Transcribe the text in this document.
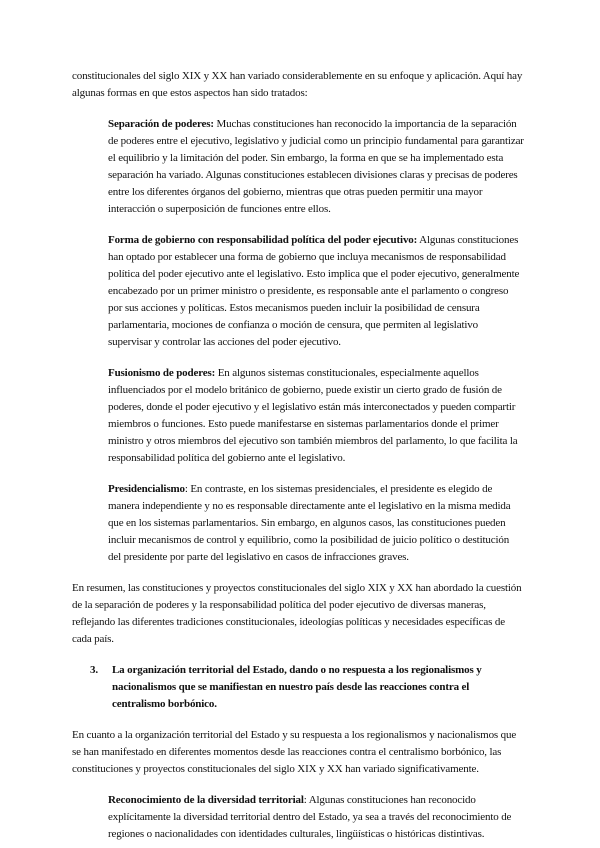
constitucionales del siglo XIX y XX han variado considerablemente en su enfoque y aplicación. Aquí hay algunas formas en que estos aspectos han sido tratados:

Separación de poderes: Muchas constituciones han reconocido la importancia de la separación de poderes entre el ejecutivo, legislativo y judicial como un principio fundamental para garantizar el equilibrio y la limitación del poder. Sin embargo, la forma en que se ha implementado esta separación ha variado. Algunas constituciones establecen divisiones claras y precisas de poderes entre los diferentes órganos del gobierno, mientras que otras pueden permitir una mayor interacción o superposición de funciones entre ellos.

Forma de gobierno con responsabilidad política del poder ejecutivo: Algunas constituciones han optado por establecer una forma de gobierno que incluya mecanismos de responsabilidad política del poder ejecutivo ante el legislativo. Esto implica que el poder ejecutivo, generalmente encabezado por un primer ministro o presidente, es responsable ante el parlamento o congreso por sus acciones y políticas. Estos mecanismos pueden incluir la posibilidad de censura parlamentaria, mociones de confianza o moción de censura, que permiten al legislativo supervisar y controlar las acciones del poder ejecutivo.

Fusionismo de poderes: En algunos sistemas constitucionales, especialmente aquellos influenciados por el modelo británico de gobierno, puede existir un cierto grado de fusión de poderes, donde el poder ejecutivo y el legislativo están más interconectados y pueden compartir miembros o funciones. Esto puede manifestarse en sistemas parlamentarios donde el primer ministro y otros miembros del ejecutivo son también miembros del parlamento, lo que facilita la responsabilidad política del gobierno ante el legislativo.

Presidencialismo: En contraste, en los sistemas presidenciales, el presidente es elegido de manera independiente y no es responsable directamente ante el legislativo en la misma medida que en los sistemas parlamentarios. Sin embargo, en algunos casos, las constituciones pueden incluir mecanismos de control y equilibrio, como la posibilidad de juicio político o destitución del presidente por parte del legislativo en casos de infracciones graves.

En resumen, las constituciones y proyectos constitucionales del siglo XIX y XX han abordado la cuestión de la separación de poderes y la responsabilidad política del poder ejecutivo de diversas maneras, reflejando las diferentes tradiciones constitucionales, ideologías políticas y necesidades específicas de cada país.

3.	La organización territorial del Estado, dando o no respuesta a los regionalismos y nacionalismos que se manifiestan en nuestro país desde las reacciones contra el centralismo borbónico.

En cuanto a la organización territorial del Estado y su respuesta a los regionalismos y nacionalismos que se han manifestado en diferentes momentos desde las reacciones contra el centralismo borbónico, las constituciones y proyectos constitucionales del siglo XIX y XX han variado significativamente.

Reconocimiento de la diversidad territorial: Algunas constituciones han reconocido explícitamente la diversidad territorial dentro del Estado, ya sea a través del reconocimiento de regiones o nacionalidades con identidades culturales, lingüísticas o históricas distintivas.
